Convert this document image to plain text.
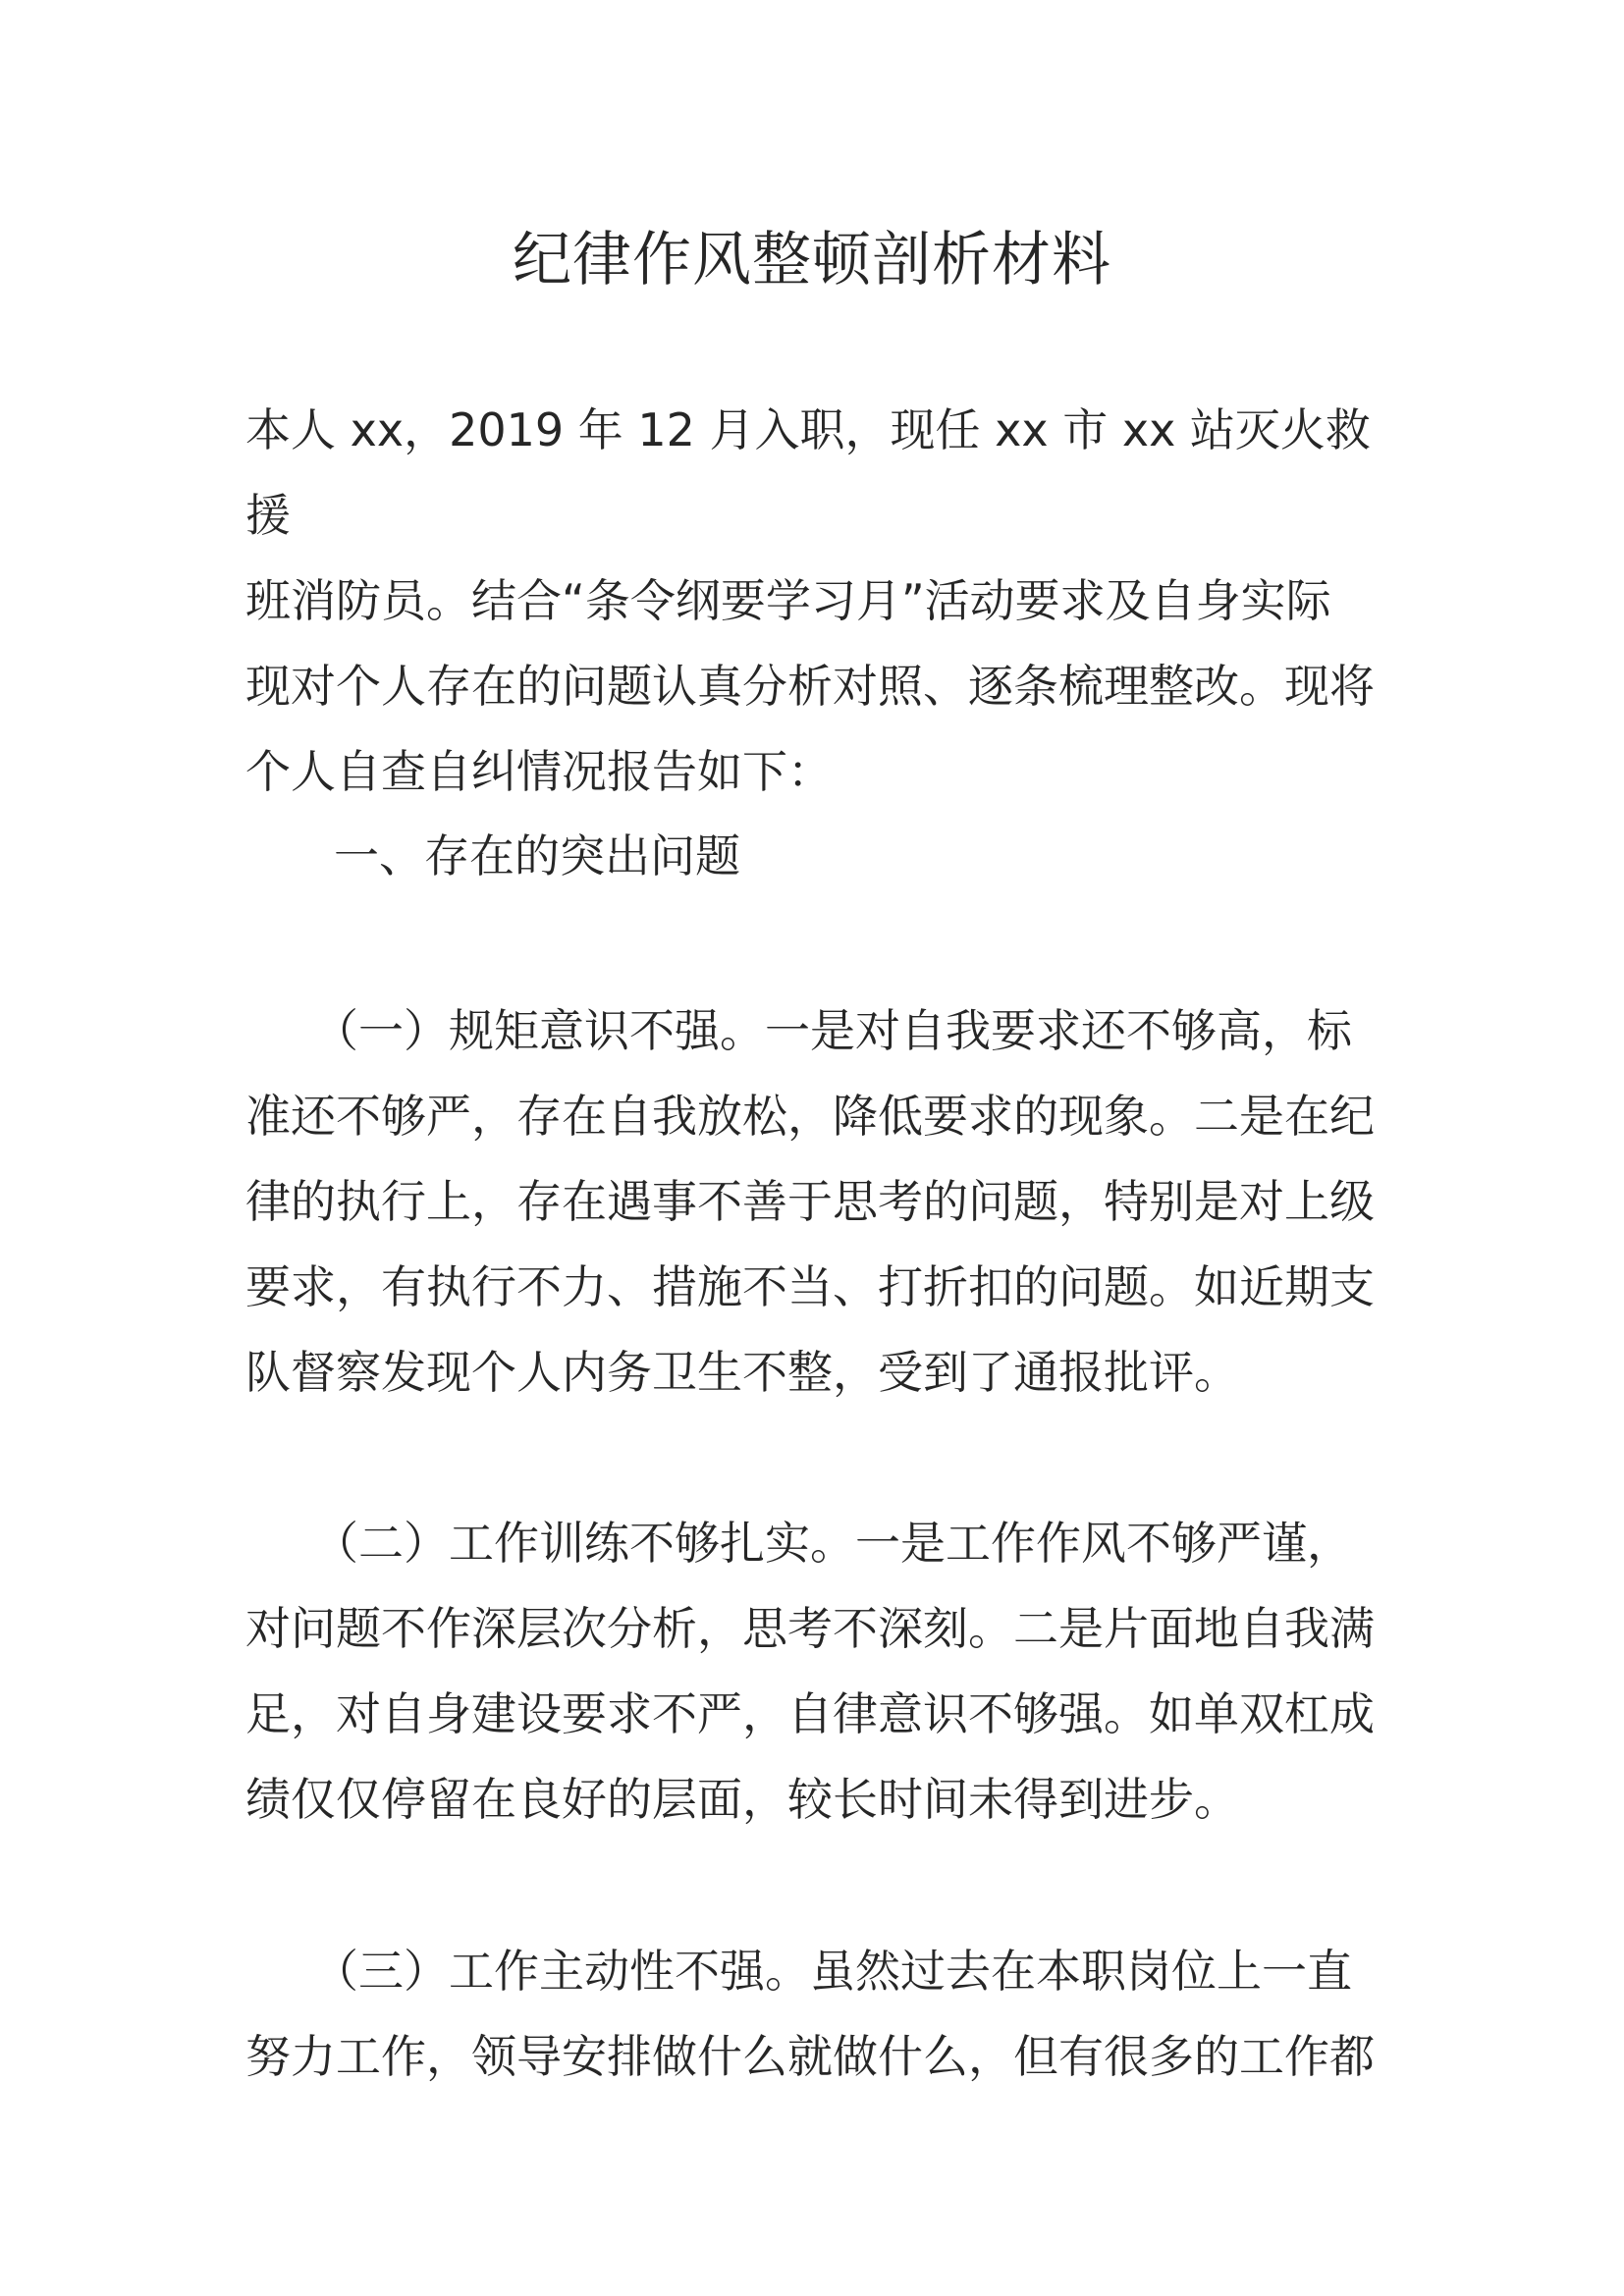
纪律作风整顿剖析材料

本人 xx，2019 年 12 月入职，现任 xx 市 xx 站灭火救援
班消防员。结合“条令纲要学习月”活动要求及自身实际
现对个人存在的问题认真分析对照、逐条梳理整改。现将
个人自查自纠情况报告如下：

一、存在的突出问题

　　（一）规矩意识不强。一是对自我要求还不够高，标
准还不够严，存在自我放松，降低要求的现象。二是在纪
律的执行上，存在遇事不善于思考的问题，特别是对上级
要求，有执行不力、措施不当、打折扣的问题。如近期支
队督察发现个人内务卫生不整，受到了通报批评。

　　（二）工作训练不够扎实。一是工作作风不够严谨，
对问题不作深层次分析，思考不深刻。二是片面地自我满
足，对自身建设要求不严，自律意识不够强。如单双杠成
绩仅仅停留在良好的层面，较长时间未得到进步。

　　（三）工作主动性不强。虽然过去在本职岗位上一直
努力工作，领导安排做什么就做什么，但有很多的工作都
